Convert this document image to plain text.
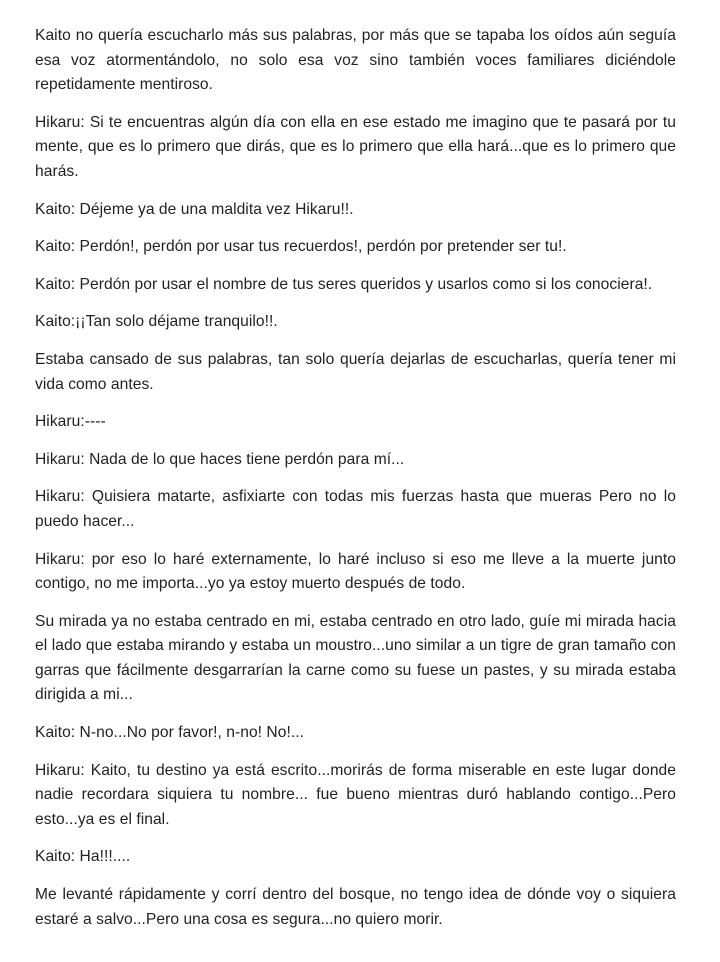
Kaito no quería escucharlo más sus palabras, por más que se tapaba los oídos aún seguía esa voz atormentándolo, no solo esa voz sino también voces familiares diciéndole repetidamente mentiroso.

Hikaru: Si te encuentras algún día con ella en ese estado me imagino que te pasará por tu mente, que es lo primero que dirás, que es lo primero que ella hará...que es lo primero que harás.

Kaito: Déjeme ya de una maldita vez Hikaru!!.

Kaito: Perdón!, perdón por usar tus recuerdos!, perdón por pretender ser tu!.

Kaito: Perdón por usar el nombre de tus seres queridos y usarlos como si los conociera!.

Kaito:¡¡Tan solo déjame tranquilo!!.

Estaba cansado de sus palabras, tan solo quería dejarlas de escucharlas, quería tener mi vida como antes.

Hikaru:----

Hikaru: Nada de lo que haces tiene perdón para mí...

Hikaru: Quisiera matarte, asfixiarte con todas mis fuerzas hasta que mueras Pero no lo puedo hacer...

Hikaru: por eso lo haré externamente, lo haré incluso si eso me lleve a la muerte junto contigo, no me importa...yo ya estoy muerto después de todo.

Su mirada ya no estaba centrado en mi, estaba centrado en otro lado, guíe mi mirada hacia el lado que estaba mirando y estaba un moustro...uno similar a un tigre de gran tamaño con garras que fácilmente desgarrarían la carne como su fuese un pastes, y su mirada estaba dirigida a mi...

Kaito: N-no...No por favor!, n-no! No!...

Hikaru: Kaito, tu destino ya está escrito...morirás de forma miserable en este lugar donde nadie recordara siquiera tu nombre... fue bueno mientras duró hablando contigo...Pero esto...ya es el final.

Kaito: Ha!!!....

Me levanté rápidamente y corrí dentro del bosque, no tengo idea de dónde voy o siquiera estaré a salvo...Pero una cosa es segura...no quiero morir.
